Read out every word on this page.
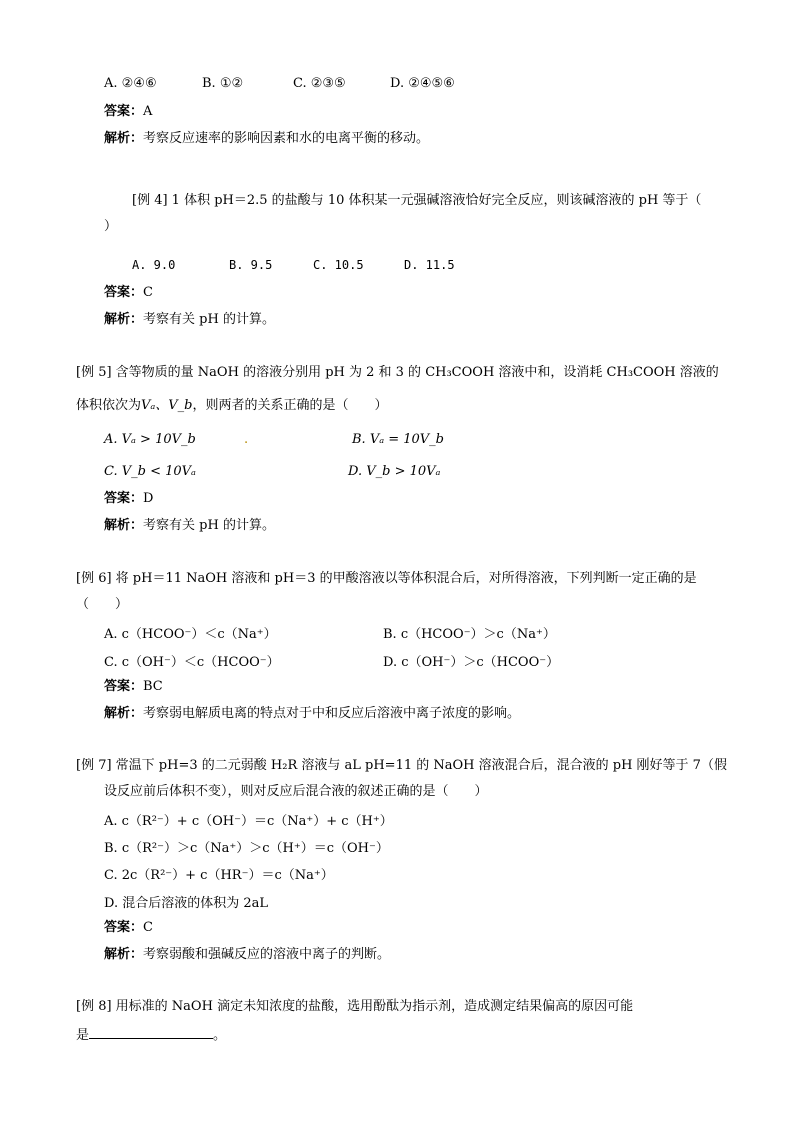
A. ②④⑥	B. ①②	C. ②③⑤	D. ②④⑤⑥
答案：A
解析：考察反应速率的影响因素和水的电离平衡的移动。
[例 4] 1 体积 pH＝2.5 的盐酸与 10 体积某一元强碱溶液恰好完全反应，则该碱溶液的 pH 等于（
）
A. 9.0	B. 9.5	C. 10.5	D. 11.5
答案：C
解析：考察有关 pH 的计算。
[例 5] 含等物质的量 NaOH 的溶液分别用 pH 为 2 和 3 的 CH₃COOH 溶液中和，设消耗 CH₃COOH 溶液的
体积依次为Vₐ、V_b，则两者的关系正确的是（　　）
A. Vₐ > 10V_b	.	B. Vₐ = 10V_b
C. V_b < 10Vₐ	D. V_b > 10Vₐ
答案：D
解析：考察有关 pH 的计算。
[例 6] 将 pH＝11 NaOH 溶液和 pH＝3 的甲酸溶液以等体积混合后，对所得溶液，下列判断一定正确的是
（　　）
A. c（HCOO⁻）＜c（Na⁺）	B. c（HCOO⁻）＞c（Na⁺）
C. c（OH⁻）＜c（HCOO⁻）	D. c（OH⁻）＞c（HCOO⁻）
答案：BC
解析：考察弱电解质电离的特点对于中和反应后溶液中离子浓度的影响。
[例 7] 常温下 pH=3 的二元弱酸 H₂R 溶液与 aL pH=11 的 NaOH 溶液混合后，混合液的 pH 刚好等于 7（假
设反应前后体积不变），则对反应后混合液的叙述正确的是（　　）
A. c（R²⁻）+ c（OH⁻）＝c（Na⁺）+ c（H⁺）
B. c（R²⁻）＞c（Na⁺）＞c（H⁺）＝c（OH⁻）
C. 2c（R²⁻）+ c（HR⁻）＝c（Na⁺）
D. 混合后溶液的体积为 2aL
答案：C
解析：考察弱酸和强碱反应的溶液中离子的判断。
[例 8] 用标准的 NaOH 滴定未知浓度的盐酸，选用酚酞为指示剂，造成测定结果偏高的原因可能
是	。
